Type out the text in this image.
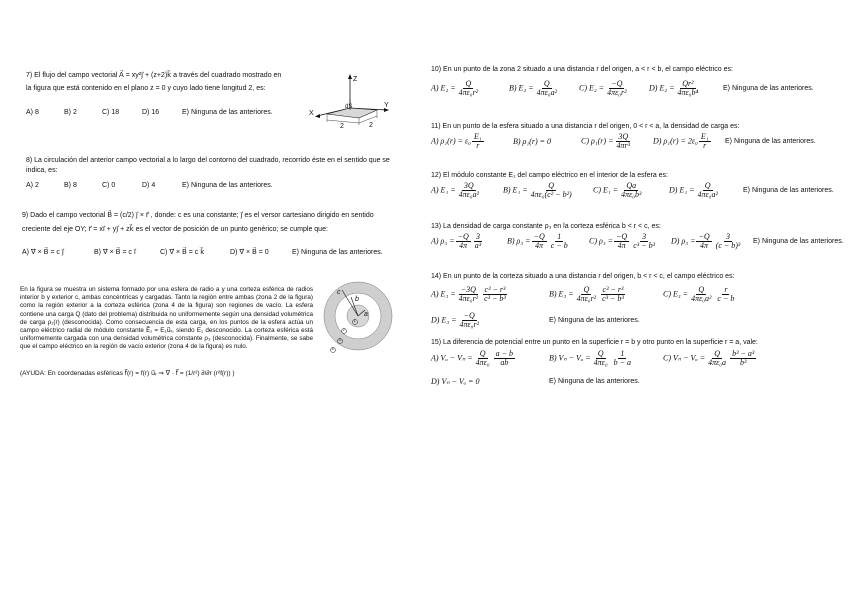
7) El flujo del campo vectorial A⃗ = xy²j⃗ + (z+2)k⃗ a través del cuadrado mostrado en
la figura que está contenido en el plano z = 0 y cuyo lado tiene longitud 2, es:
A) 8	B) 2	C) 18	D) 16	E) Ninguna de las anteriores.
Z
X
Y
dS
2	2
8) La circulación del anterior campo vectorial a lo largo del contorno del cuadrado, recorrido éste en el sentido que se
indica, es:
A) 2	B) 8	C) 0	D) 4	E) Ninguna de las anteriores.
9) Dado el campo vectorial B⃗ = (c/2) j⃗ × r⃗ , donde: c es una constante; j⃗ es el versor cartesiano dirigido en sentido
creciente del eje OY; r⃗ = xi⃗ + yj⃗ + zk⃗ es el vector de posición de un punto genérico; se cumple que:
A) ∇⃗ × B⃗ = c j⃗	B) ∇⃗ × B⃗ = c i⃗	C) ∇⃗ × B⃗ = c k⃗	D) ∇⃗ × B⃗ = 0	E) Ninguna de las anteriores.
En la figura se muestra un sistema formado por una esfera de radio a y una corteza esférica de radios interior b y exterior c, ambas concéntricas y cargadas. Tanto la región entre ambas (zona 2 de la figura) como la región exterior a la corteza esférica (zona 4 de la figura) son regiones de vacío. La esfera contiene una carga Q (dato del problema) distribuida no uniformemente según una densidad volumétrica de carga ρ₁(r) (desconocida). Como consecuencia de esta carga, en los puntos de la esfera actúa un campo eléctrico radial de módulo constante E⃗₁ = E₁u⃗ᵣ, siendo E₁ desconocido. La corteza esférica está uniformemente cargada con una densidad volumétrica constante ρ₃ (desconocida). Finalmente, se sabe que el campo eléctrico en la región de vacío exterior (zona 4 de la figura) es nulo.
(AYUDA: En coordenadas esféricas f⃗(r) = f(r) u⃗ᵣ ⇒ ∇⃗ · f⃗ = (1/r²) ∂/∂r (r²f(r)) )
c
b
a
1
2
3
4
10) En un punto de la zona 2 situado a una distancia r del origen, a < r < b, el campo eléctrico es:
A) $E_2 = \frac{Q}{\text{4πε₀r²}}$	B) $E_2 = \frac{Q}{\text{4πε₀a²}}$	C) $E_2 = \frac{-Q}{\text{4πε₀r²}}$	D) $E_2 = \frac{\text{Qr²}}{\text{4πε₀b⁴}}$	E) Ninguna de las anteriores.
11) En un punto de la esfera situado a una distancia r del origen, 0 < r < a, la densidad de carga es:
A) $\rho_1(r) = \varepsilon_0 \frac{\text{E₁}}{r}$	B) ρ₁(r) = 0	C) $\rho_1(r) = \frac{3Q}{\text{4πr³}}$	D) $\rho_1(r) = 2\varepsilon_0 \frac{\text{E₁}}{r} E$) Ninguna de las anteriores.
12) El módulo constante E₁ del campo eléctrico en el interior de la esfera es:
A) $E_1 = \frac{3Q}{\text{4πε₀a²}}$	B) $E_1 = \frac{Q}{\text{4πε₀(c² − b²)}} C$) $E_1 = \frac{Qa}{\text{4πε₀b³}}$	D) $E_1 = \frac{Q}{\text{4πε₀a²}}$	E) Ninguna de las anteriores.
13) La densidad de carga constante ρ₃ en la corteza esférica b < r < c, es:
A) $\rho_3 = \frac{-Q}{4\pi} \frac{3}{\text{a³}}$	B) $\rho_3 = \frac{-Q}{4\pi} \frac{1}{c - b} C$) $\rho_3 = \frac{-Q}{4\pi} \frac{3}{\text{c³ − b³}} D$) $\rho_3 = \frac{-Q}{4\pi} \frac{3}{\text{(c − b)³}} E$) Ninguna de las anteriores.
14) En un punto de la corteza situado a una distancia r del origen, b < r < c, el campo eléctrico es:
A) $E_3 = \frac{-3Q}{\text{4πε₀r²}} \frac{\text{c³ − r³}}{\text{c³ − b³}}$	B) $E_3 = \frac{Q}{\text{4πε₀r²}} \frac{\text{c³ − r³}}{\text{c³ − b³}}$	C) $E_3 = \frac{Q}{\text{4πε₀a²}} \frac{r}{c - b}$
D) $E_3 = \frac{-Q}{\text{4πε₀r²}}$	E) Ninguna de las anteriores.
15) La diferencia de potencial entre un punto en la superficie r = b y otro punto en la superficie r = a, vale:
A) $V_a - V_n = \frac{Q}{\text{4πε₀}} \frac{a - b}{ab}$	B) $V_n - V_a = \frac{Q}{\text{4πε₀}} \frac{1}{b - a}$	C) $V_n - V_a = \frac{Q}{\text{4πε₀a}} \frac{\text{b³ − a³}}{\text{b³}}$
D) Vₙ − Vₐ = 0	E) Ninguna de las anteriores.
